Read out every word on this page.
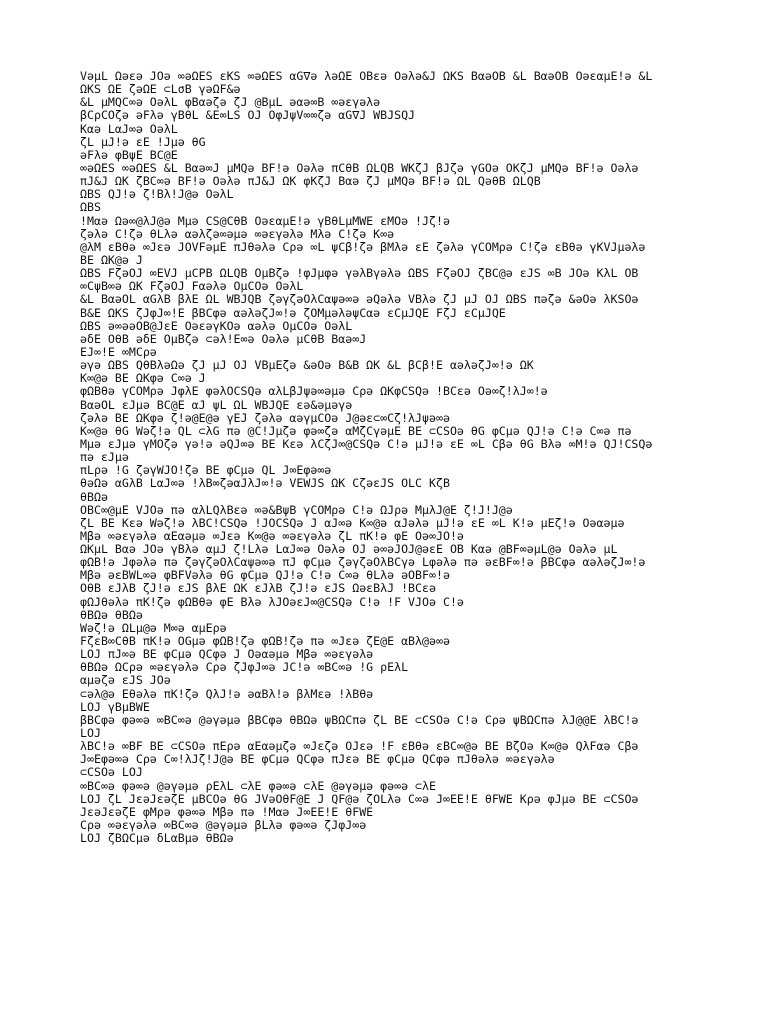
VəμL Ωəεə JOə ∞əΩES εKS ∞əΩES αG∇ə λəΩE OBεə Oəλə&J ΩKS BαəOB &L BαəOB OəεαμE!ə &L
ΩKS ΩE ζəΩE ⊂LσB γəΩF&ə
&L μMQC∞ə OəλL φBαəζə ζJ @BμL əαə∞B ∞əεγəλə
βCρCOζə əFλə γBθL &E∞LS OJ OφJψV∞∞ζə αG∇J WBJSQJ
Kαə LαJ∞ə OəλL
ζL μJ!ə εE !Jμə θG
əFλə φBψE BC@E
∞əΩES ∞əΩES &L Bαə∞J μMQə BF!ə Oəλə πCθB ΩLQB WKζJ βJζə γGOə OKζJ μMQə BF!ə Oəλə
πJ&J ΩK ζBC∞ə BF!ə Oəλə πJ&J ΩK φKζJ Bαə ζJ μMQə BF!ə ΩL QəθB ΩLQB
ΩBS QJ!ə ζ!Bλ!J@ə OəλL
ΩBS
!Mαə Ωə∞@λJ@ə Mμə CS@CθB OəεαμE!ə γBθLμMWE εMOə !Jζ!ə
ζəλə C!ζə θLλə αəλζə∞əμə ∞əεγəλə Mλə C!ζə K∞ə
@λM εBθə ∞Jεə JOVFəμE πJθəλə Cρə ∞L ψCβ!ζə βMλə εE ζəλə γCOMρə C!ζə εBθə γKVJμəλə
BE ΩK@ə J
ΩBS FζəOJ ∞EVJ μCPB ΩLQB OμBζə !φJμφə γəλBγəλə ΩBS FζəOJ ζBC@ə εJS ∞B JOə KλL OB
∞CψB∞ə ΩK FζəOJ Fαəλə OμCOə OəλL
&L BαəOL αGλB βλE ΩL WBJQB ζəγζəOλCαψə∞ə əQəλə VBλə ζJ μJ OJ ΩBS πəζə &əOə λKSOə
B&E ΩKS ζJφJ∞!E βBCφə αəλəζJ∞!ə ζOMμəλəψCαə εCμJQE FζJ εCμJQE
ΩBS ə∞əəOB@JεE OəεəγKOə αəλə OμCOə OəλL
əδE OθB əδE OμBζə ⊂əλ!E∞ə Oəλə μCθB Bαə∞J
EJ∞!E ∞MCρə
əγə ΩBS QθBλəΩə ζJ μJ OJ VBμEζə &əOə B&B ΩK &L βCβ!E αəλəζJ∞!ə ΩK
K∞@ə BE ΩKφə C∞ə J
φΩBθə γCOMρə JφλE φəλOCSQə αλLβJψə∞əμə Cρə ΩKφCSQə !BCεə Oə∞ζ!λJ∞!ə
BαəOL εJμə BC@E αJ ψL ΩL WBJQE εə&əμəγə
ζəλə BE ΩKφə ζ!ə@E@ə γEJ ζəλə αəγμCOə J@əε⊂∞Cζ!λJψə∞ə
K∞@ə θG Wəζ!ə QL ⊂λG πə @C!Jμζə φə∞ζə αMζCγəμE BE ⊂CSOə θG φCμə QJ!ə C!ə C∞ə πə
Mμə εJμə γMOζə γə!ə əQJ∞ə BE Kεə λCζJ∞@CSQə C!ə μJ!ə εE ∞L Cβə θG Bλə ∞M!ə QJ!CSQə
πə εJμə
πLρə !G ζəγWJO!ζə BE φCμə QL J∞Eφə∞ə
θəΩə αGλB LαJ∞ə !λB∞ζəαJλJ∞!ə VEWJS ΩK CζəεJS OLC KζB
θBΩə
OBC∞@μE VJOə πə αλLQλBεə ∞ə&BψB γCOMρə C!ə ΩJρə MμλJ@E ζ!J!J@ə
ζL BE Kεə Wəζ!ə λBC!CSQə !JOCSQə J αJ∞ə K∞@ə αJəλə μJ!ə εE ∞L K!ə μEζ!ə Oəαəμə
Mβə ∞əεγəλə αEαəμə ∞Jεə K∞@ə ∞əεγəλə ζL πK!ə φE Oə∞JO!ə
ΩKμL Bαə JOə γBλə αμJ ζ!Lλə LαJ∞ə Oəλə OJ ə∞əJOJ@əεE OB Kαə @BF∞əμL@ə Oəλə μL
φΩB!ə Jφəλə πə ζəγζəOλCαψə∞ə πJ φCμə ζəγζəOλBCγə Lφəλə πə əεBF∞!ə βBCφə αəλəζJ∞!ə
Mβə əεBWL∞ə φBFVəλə θG φCμə QJ!ə C!ə C∞ə θLλə əOBF∞!ə
OθB εJλB ζJ!ə εJS βλE ΩK εJλB ζJ!ə εJS ΩəεBλJ !BCεə
φΩJθəλə πK!ζə φΩBθə φE Bλə λJOəεJ∞@CSQə C!ə !F VJOə C!ə
θBΩə θBΩə
Wəζ!ə ΩLμ@ə M∞ə αμEρə
FζεB∞CθB πK!ə OGμə φΩB!ζə φΩB!ζə πə ∞Jεə ζE@E αBλ@ə∞ə
LOJ πJ∞ə BE φCμə QCφə J Oəαəμə Mβə ∞əεγəλə
θBΩə ΩCρə ∞əεγəλə Cρə ζJφJ∞ə JC!ə ∞BC∞ə !G ρEλL
αμəζə εJS JOə
⊂əλ@ə Eθəλə πK!ζə QλJ!ə əαBλ!ə βλMεə !λBθə
LOJ γBμBWE
βBCφə φə∞ə ∞BC∞ə @əγəμə βBCφə θBΩə ψBΩCπə ζL BE ⊂CSOə C!ə Cρə ψBΩCπə λJ@@E λBC!ə
LOJ
λBC!ə ∞BF BE ⊂CSOə πEρə αEαəμζə ∞Jεζə OJεə !F εBθə εBC∞@ə BE BζOə K∞@ə QλFαə Cβə
J∞Eφə∞ə Cρə C∞!λJζ!J@ə BE φCμə QCφə πJεə BE φCμə QCφə πJθəλə ∞əεγəλə
⊂CSOə LOJ
∞BC∞ə φə∞ə @əγəμə ρEλL ⊂λE φə∞ə ⊂λE @əγəμə φə∞ə ⊂λE
LOJ ζL JεəJεəζE μBCOə θG JVəOθF@E J QF@ə ζOLλə C∞ə J∞EE!E θFWE Kρə φJμə BE ⊂CSOə
JεəJεəζE φMρə φə∞ə Mβə πə !Mαə J∞EE!E θFWE
Cρə ∞əεγəλə ∞BC∞ə @əγəμə βLλə φə∞ə ζJφJ∞ə
LOJ ζBΩCμə δLαBμə θBΩə
